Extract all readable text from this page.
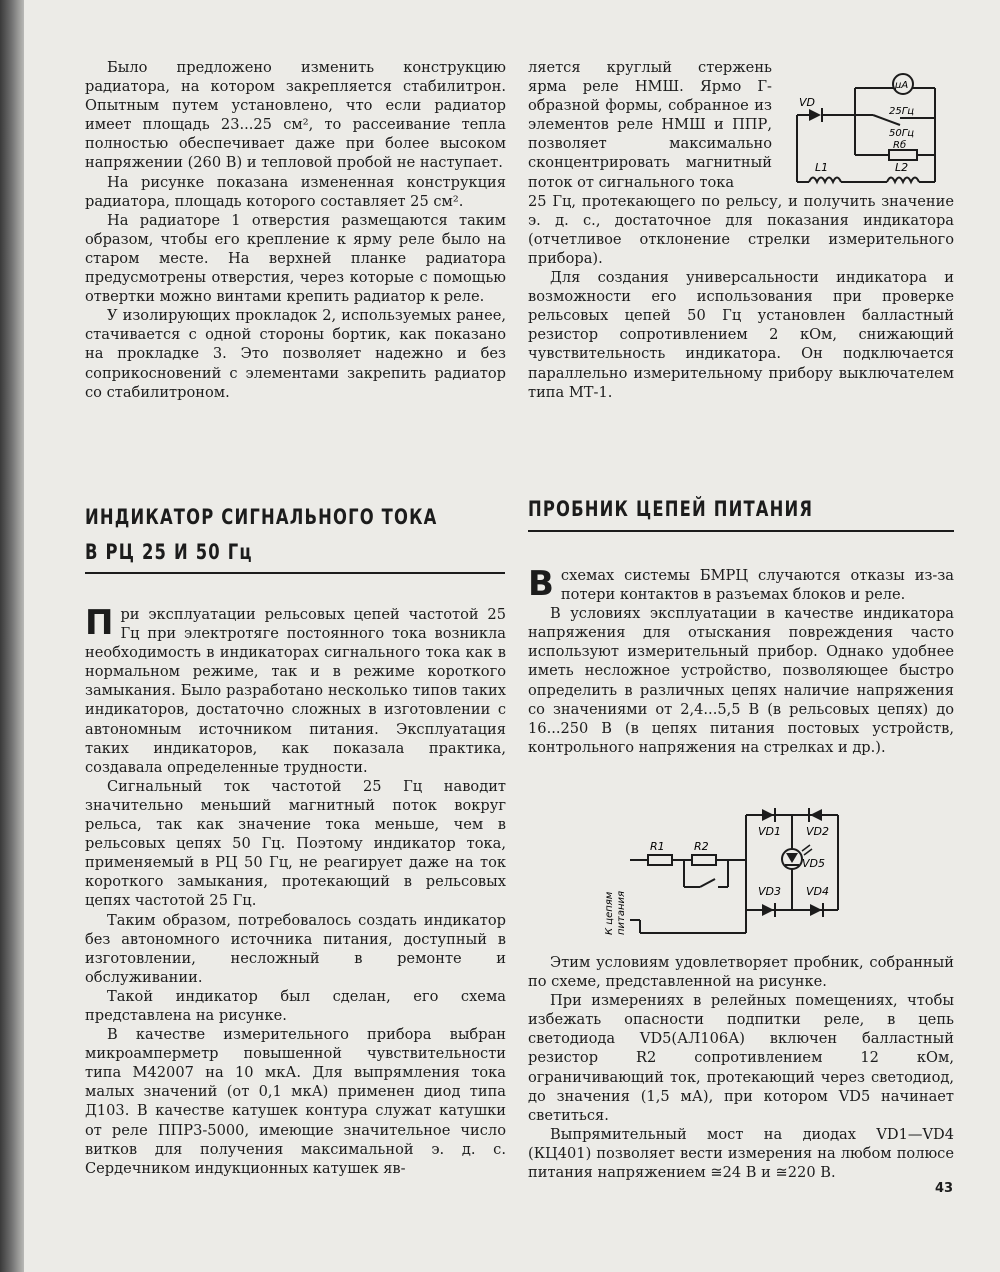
Было предложено изменить конструкцию радиатора, на котором закрепляется стабилитрон. Опытным путем установлено, что если радиатор имеет площадь 23...25 см², то рассеивание тепла полностью обеспечивает даже при более высоком напряжении (260 В) и тепловой пробой не наступает.

На рисунке показана измененная конструкция радиатора, площадь которого составляет 25 см².

На радиаторе 1 отверстия размещаются таким образом, чтобы его крепление к ярму реле было на старом месте. На верхней планке радиатора предусмотрены отверстия, через которые с помощью отвертки можно винтами крепить радиатор к реле.

У изолирующих прокладок 2, используемых ранее, стачивается с одной стороны бортик, как показано на прокладке 3. Это позволяет надежно и без соприкосновений с элементами закрепить радиатор со стабилитроном.

ляется круглый стержень ярма реле НМШ. Ярмо Г-образной формы, собранное из элементов реле НМШ и ППР, позволяет максимально сконцентрировать магнитный поток от сигнального тока

25 Гц, протекающего по рельсу, и получить значение э. д. с., достаточное для показания индикатора (отчетливое отклонение стрелки измерительного прибора).

Для создания универсальности индикатора и возможности его использования при проверке рельсовых цепей 50 Гц установлен балластный резистор сопротивлением 2 кОм, снижающий чувствительность индикатора. Он подключается параллельно измерительному прибору выключателем типа МТ-1.

VD
μA
25Гц
50Гц
Rб
L1	L2
ИНДИКАТОР СИГНАЛЬНОГО ТОКА
В РЦ 25 И 50 Гц

При эксплуатации рельсовых цепей частотой 25 Гц при электротяге постоянного тока возникла необходимость в индикаторах сигнального тока как в нормальном режиме, так и в режиме короткого замыкания. Было разработано несколько типов таких индикаторов, достаточно сложных в изготовлении с автономным источником питания. Эксплуатация таких индикаторов, как показала практика, создавала определенные трудности.

Сигнальный ток частотой 25 Гц наводит значительно меньший магнитный поток вокруг рельса, так как значение тока меньше, чем в рельсовых цепях 50 Гц. Поэтому индикатор тока, применяемый в РЦ 50 Гц, не реагирует даже на ток короткого замыкания, протекающий в рельсовых цепях частотой 25 Гц.

Таким образом, потребовалось создать индикатор без автономного источника питания, доступный в изготовлении, несложный в ремонте и обслуживании.

Такой индикатор был сделан, его схема представлена на рисунке.

В качестве измерительного прибора выбран микроамперметр повышенной чувствительности типа М42007 на 10 мкА. Для выпрямления тока малых значений (от 0,1 мкА) применен диод типа Д103. В качестве катушек контура служат катушки от реле ППР3-5000, имеющие значительное число витков для получения максимальной э. д. с. Сердечником индукционных катушек яв-

ПРОБНИК ЦЕПЕЙ ПИТАНИЯ

Всхемах системы БМРЦ случаются отказы из-за потери контактов в разъемах блоков и реле.

В условиях эксплуатации в качестве индикатора напряжения для отыскания повреждения часто используют измерительный прибор. Однако удобнее иметь несложное устройство, позволяющее быстро определить в различных цепях наличие напряжения со значениями от 2,4...5,5 В (в рельсовых цепях) до 16...250 В (в цепях питания постовых устройств, контрольного напряжения на стрелках и др.).

R1	R2
VD1 VD2
VD3 VD4
VD5
К цепям питания

Этим условиям удовлетворяет пробник, собранный по схеме, представленной на рисунке.

При измерениях в релейных помещениях, чтобы избежать опасности подпитки реле, в цепь светодиода VD5(АЛ106А) включен балластный резистор R2 сопротивлением 12 кОм, ограничивающий ток, протекающий через светодиод, до значения (1,5 мА), при котором VD5 начинает светиться.

Выпрямительный мост на диодах VD1—VD4 (КЦ401) позволяет вести измерения на любом полюсе питания напряжением ≅24 В и ≅220 В.

43
